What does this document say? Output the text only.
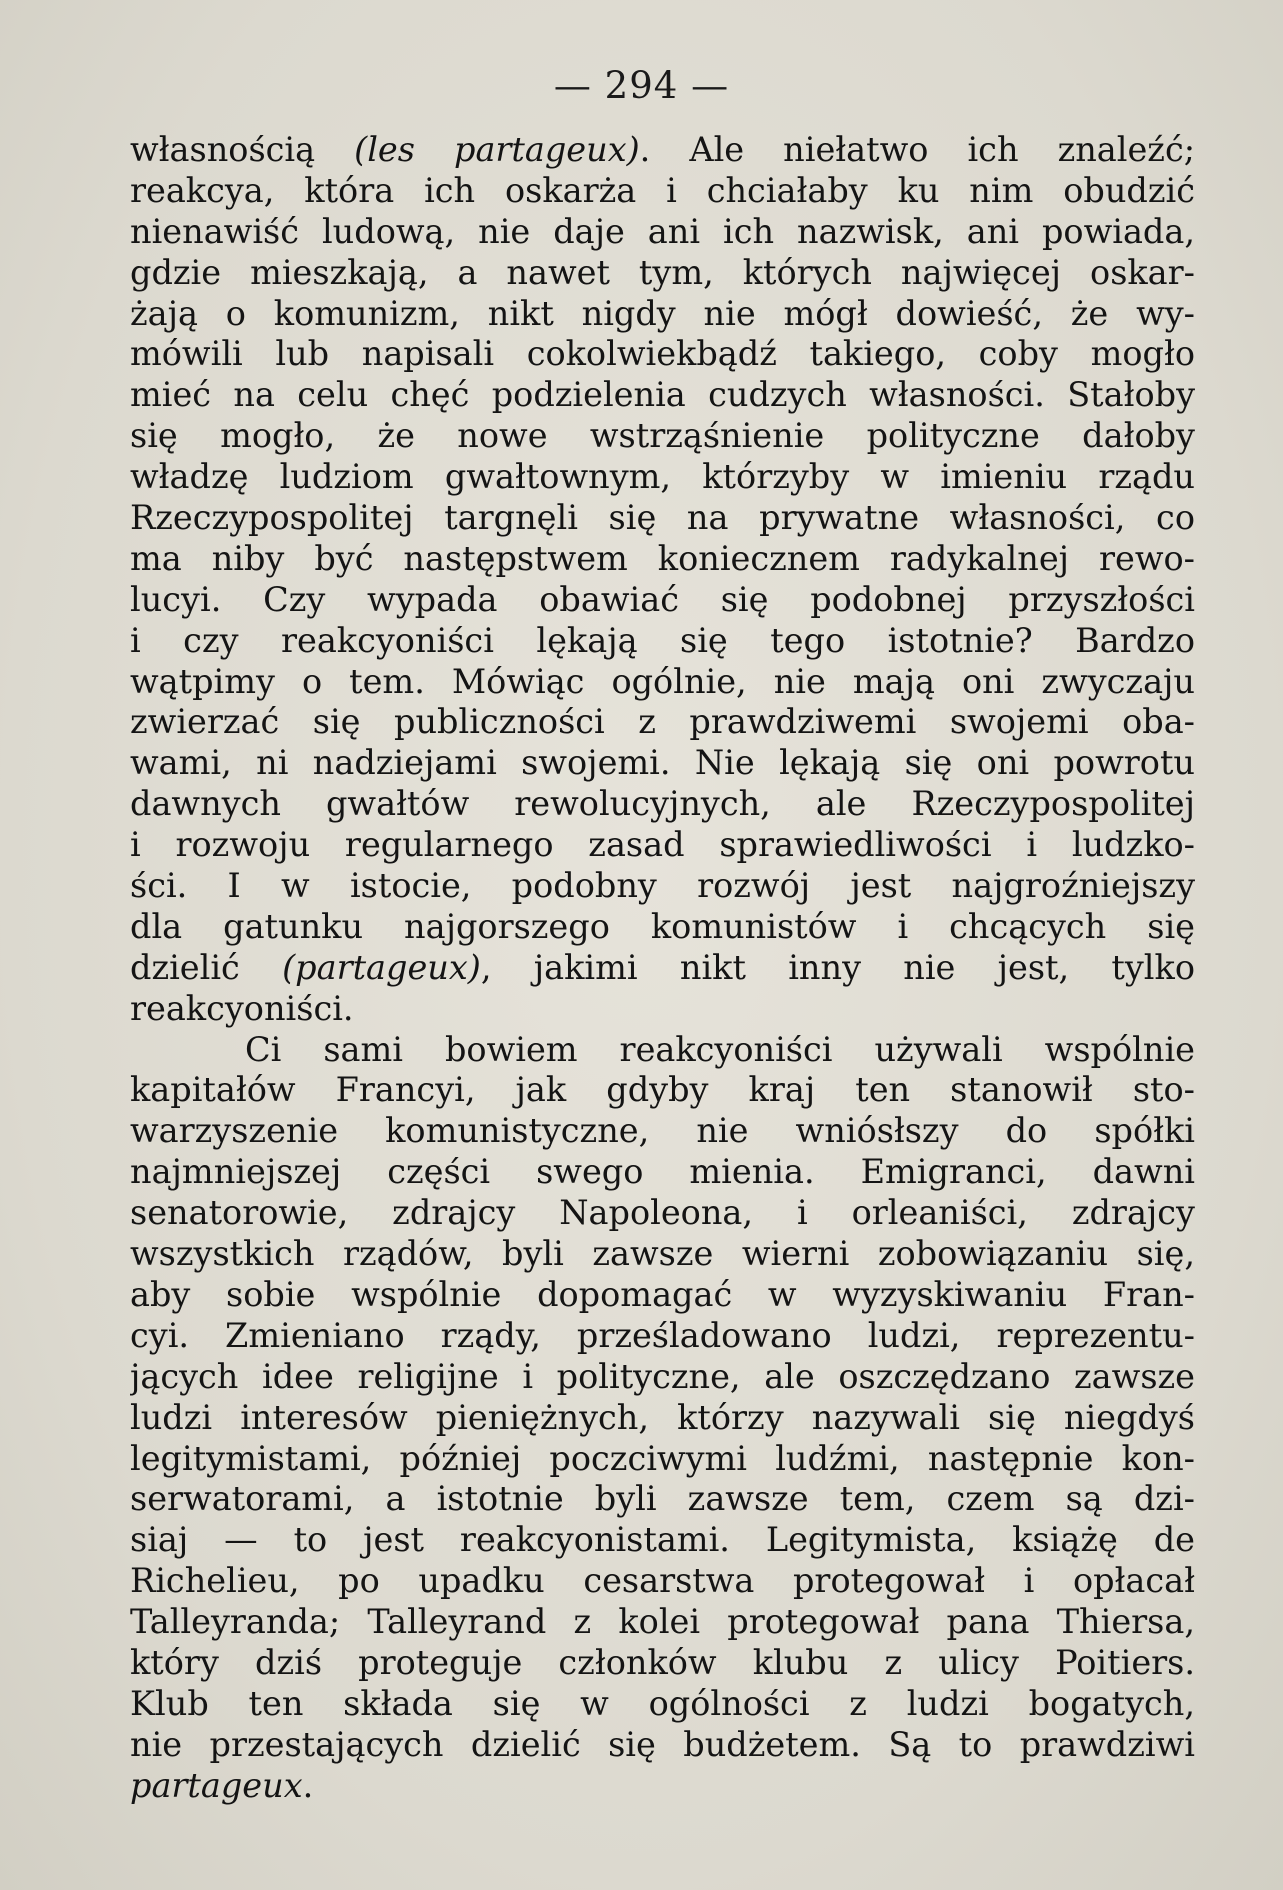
— 294 —
własnością (les partageux). Ale niełatwo ich znaleźć;
reakcya, która ich oskarża i chciałaby ku nim obudzić
nienawiść ludową, nie daje ani ich nazwisk, ani powiada,
gdzie mieszkają, a nawet tym, których najwięcej oskar-
żają o komunizm, nikt nigdy nie mógł dowieść, że wy-
mówili lub napisali cokolwiekbądź takiego, coby mogło
mieć na celu chęć podzielenia cudzych własności. Stałoby
się mogło, że nowe wstrząśnienie polityczne dałoby
władzę ludziom gwałtownym, którzyby w imieniu rządu
Rzeczypospolitej targnęli się na prywatne własności, co
ma niby być następstwem koniecznem radykalnej rewo-
lucyi. Czy wypada obawiać się podobnej przyszłości
i czy reakcyoniści lękają się tego istotnie? Bardzo
wątpimy o tem. Mówiąc ogólnie, nie mają oni zwyczaju
zwierzać się publiczności z prawdziwemi swojemi oba-
wami, ni nadziejami swojemi. Nie lękają się oni powrotu
dawnych gwałtów rewolucyjnych, ale Rzeczypospolitej
i rozwoju regularnego zasad sprawiedliwości i ludzko-
ści. I w istocie, podobny rozwój jest najgroźniejszy
dla gatunku najgorszego komunistów i chcących się
dzielić (partageux), jakimi nikt inny nie jest, tylko
reakcyoniści.
Ci sami bowiem reakcyoniści używali wspólnie
kapitałów Francyi, jak gdyby kraj ten stanowił sto-
warzyszenie komunistyczne, nie wniósłszy do spółki
najmniejszej części swego mienia. Emigranci, dawni
senatorowie, zdrajcy Napoleona, i orleaniści, zdrajcy
wszystkich rządów, byli zawsze wierni zobowiązaniu się,
aby sobie wspólnie dopomagać w wyzyskiwaniu Fran-
cyi. Zmieniano rządy, prześladowano ludzi, reprezentu-
jących idee religijne i polityczne, ale oszczędzano zawsze
ludzi interesów pieniężnych, którzy nazywali się niegdyś
legitymistami, później poczciwymi ludźmi, następnie kon-
serwatorami, a istotnie byli zawsze tem, czem są dzi-
siaj — to jest reakcyonistami. Legitymista, książę de
Richelieu, po upadku cesarstwa protegował i opłacał
Talleyranda; Talleyrand z kolei protegował pana Thiersa,
który dziś proteguje członków klubu z ulicy Poitiers.
Klub ten składa się w ogólności z ludzi bogatych,
nie przestających dzielić się budżetem. Są to prawdziwi
partageux.
